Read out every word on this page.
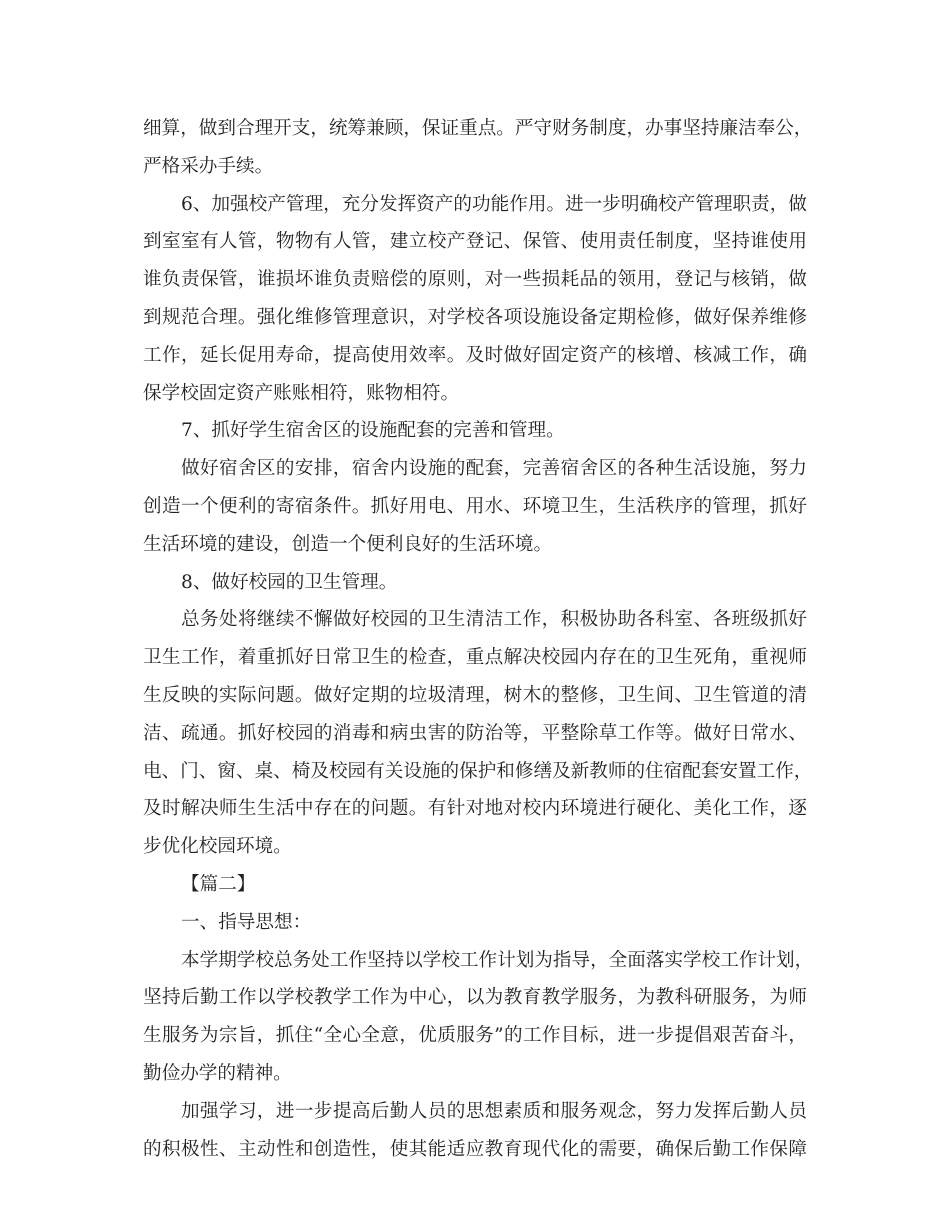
细算，做到合理开支，统筹兼顾，保证重点。严守财务制度，办事坚持廉洁奉公，
严格采办手续。
6、加强校产管理，充分发挥资产的功能作用。进一步明确校产管理职责，做
到室室有人管，物物有人管，建立校产登记、保管、使用责任制度，坚持谁使用
谁负责保管，谁损坏谁负责赔偿的原则，对一些损耗品的领用，登记与核销，做
到规范合理。强化维修管理意识，对学校各项设施设备定期检修，做好保养维修
工作，延长促用寿命，提高使用效率。及时做好固定资产的核增、核减工作，确
保学校固定资产账账相符，账物相符。
7、抓好学生宿舍区的设施配套的完善和管理。
做好宿舍区的安排，宿舍内设施的配套，完善宿舍区的各种生活设施，努力
创造一个便利的寄宿条件。抓好用电、用水、环境卫生，生活秩序的管理，抓好
生活环境的建设，创造一个便利良好的生活环境。
8、做好校园的卫生管理。
总务处将继续不懈做好校园的卫生清洁工作，积极协助各科室、各班级抓好
卫生工作，着重抓好日常卫生的检查，重点解决校园内存在的卫生死角，重视师
生反映的实际问题。做好定期的垃圾清理，树木的整修，卫生间、卫生管道的清
洁、疏通。抓好校园的消毒和病虫害的防治等，平整除草工作等。做好日常水、
电、门、窗、桌、椅及校园有关设施的保护和修缮及新教师的住宿配套安置工作，
及时解决师生生活中存在的问题。有针对地对校内环境进行硬化、美化工作，逐
步优化校园环境。
【篇二】
一、指导思想：
本学期学校总务处工作坚持以学校工作计划为指导，全面落实学校工作计划，
坚持后勤工作以学校教学工作为中心，以为教育教学服务，为教科研服务，为师
生服务为宗旨，抓住“全心全意，优质服务”的工作目标，进一步提倡艰苦奋斗，
勤俭办学的精神。
加强学习，进一步提高后勤人员的思想素质和服务观念，努力发挥后勤人员
的积极性、主动性和创造性，使其能适应教育现代化的需要，确保后勤工作保障
